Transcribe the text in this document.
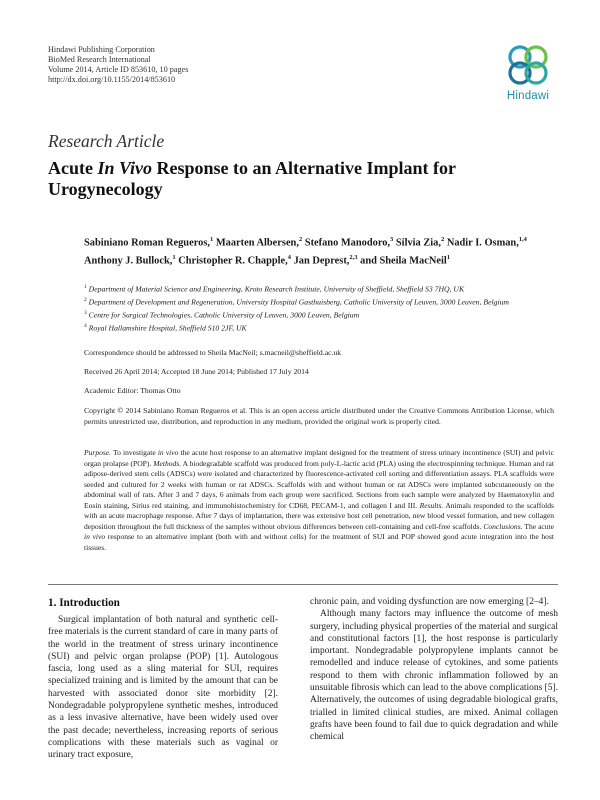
Hindawi Publishing Corporation
BioMed Research International
Volume 2014, Article ID 853610, 10 pages
http://dx.doi.org/10.1155/2014/853610
Hindawi
Research Article
Acute In Vivo Response to an Alternative Implant for Urogynecology
Sabiniano Roman Regueros,$^1$ Maarten Albersen,$^2$ Stefano Manodoro,$^3$ Silvia Zia,$^2$ Nadir I. Osman,$^{1,4}$ Anthony J. Bullock,$^1$ Christopher R. Chapple,$^4$ Jan Deprest,$^{2,3}$ and Sheila MacNeil$^1$
$^1$ Department of Material Science and Engineering, Kroto Research Institute, University of Sheffield, Sheffield S3 7HQ, UK
$^2$ Department of Development and Regeneration, University Hospital Gasthuisberg, Catholic University of Leuven, 3000 Leuven, Belgium
$^3$ Centre for Surgical Technologies, Catholic University of Leuven, 3000 Leuven, Belgium
$^4$ Royal Hallamshire Hospital, Sheffield S10 2JF, UK
Correspondence should be addressed to Sheila MacNeil; s.macneil@sheffield.ac.uk
Received 26 April 2014; Accepted 18 June 2014; Published 17 July 2014
Academic Editor: Thomas Otto
Copyright © 2014 Sabiniano Roman Regueros et al. This is an open access article distributed under the Creative Commons Attribution License, which permits unrestricted use, distribution, and reproduction in any medium, provided the original work is properly cited.
Purpose. To investigate in vivo the acute host response to an alternative implant designed for the treatment of stress urinary incontinence (SUI) and pelvic organ prolapse (POP). Methods. A biodegradable scaffold was produced from poly-L-lactic acid (PLA) using the electrospinning technique. Human and rat adipose-derived stem cells (ADSCs) were isolated and characterized by fluorescence-activated cell sorting and differentiation assays. PLA scaffolds were seeded and cultured for 2 weeks with human or rat ADSCs. Scaffolds with and without human or rat ADSCs were implanted subcutaneously on the abdominal wall of rats. After 3 and 7 days, 6 animals from each group were sacrificed. Sections from each sample were analyzed by Haematoxylin and Eosin staining, Sirius red staining, and immunohistochemistry for CD68, PECAM-1, and collagen I and III. Results. Animals responded to the scaffolds with an acute macrophage response. After 7 days of implantation, there was extensive host cell penetration, new blood vessel formation, and new collagen deposition throughout the full thickness of the samples without obvious differences between cell-containing and cell-free scaffolds. Conclusions. The acute in vivo response to an alternative implant (both with and without cells) for the treatment of SUI and POP showed good acute integration into the host tissues.
1. Introduction

Surgical implantation of both natural and synthetic cell-free materials is the current standard of care in many parts of the world in the treatment of stress urinary incontinence (SUI) and pelvic organ prolapse (POP) [1]. Autologous fascia, long used as a sling material for SUI, requires specialized training and is limited by the amount that can be harvested with associated donor site morbidity [2]. Nondegradable polypropylene synthetic meshes, introduced as a less invasive alternative, have been widely used over the past decade; nevertheless, increasing reports of serious complications with these materials such as vaginal or urinary tract exposure,

chronic pain, and voiding dysfunction are now emerging [2–4].

Although many factors may influence the outcome of mesh surgery, including physical properties of the material and surgical and constitutional factors [1], the host response is particularly important. Nondegradable polypropylene implants cannot be remodelled and induce release of cytokines, and some patients respond to them with chronic inflammation followed by an unsuitable fibrosis which can lead to the above complications [5]. Alternatively, the outcomes of using degradable biological grafts, trialled in limited clinical studies, are mixed. Animal collagen grafts have been found to fail due to quick degradation and while chemical
